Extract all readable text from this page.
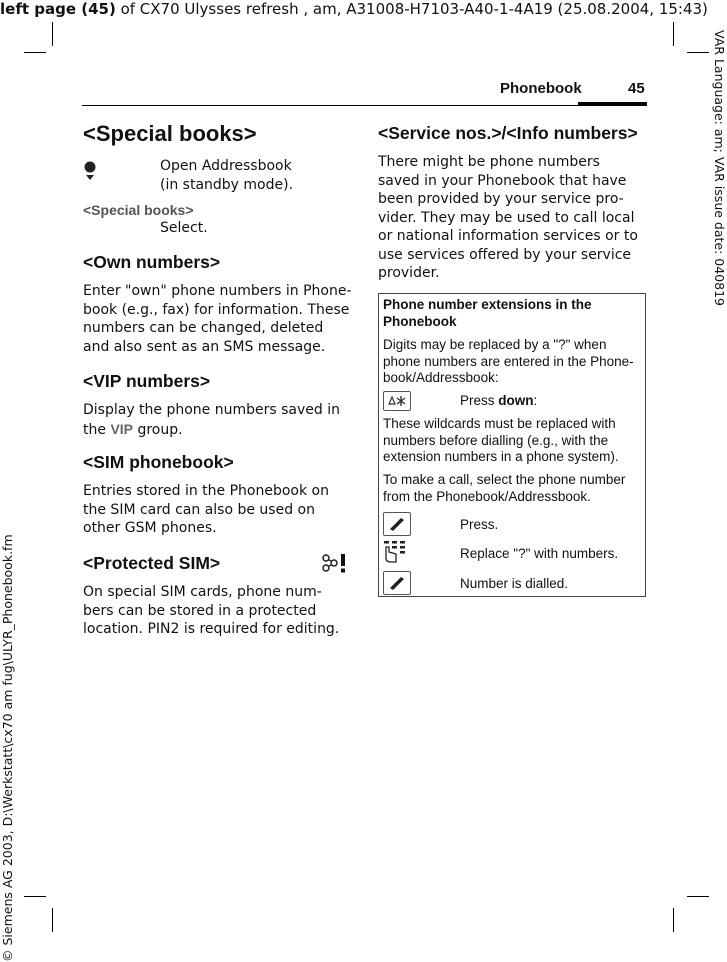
left page (45) of CX70 Ulysses refresh , am, A31008-H7103-A40-1-4A19 (25.08.2004, 15:43)
VAR Language: am; VAR issue date: 040819
© Siemens AG 2003, D:\Werkstatt\cx70 am fug\ULYR_Phonebook.fm
Phonebook	45
<Special books>
Open Addressbook
(in standby mode).
<Special books>
Select.
<Own numbers>
Enter "own" phone numbers in Phone-
book (e.g., fax) for information. These
numbers can be changed, deleted
and also sent as an SMS message.
<VIP numbers>
Display the phone numbers saved in
the VIP group.
<SIM phonebook>
Entries stored in the Phonebook on
the SIM card can also be used on
other GSM phones.
<Protected SIM>
On special SIM cards, phone num-
bers can be stored in a protected
location. PIN2 is required for editing.
<Service nos.>/<Info numbers>
There might be phone numbers
saved in your Phonebook that have
been provided by your service pro-
vider. They may be used to call local
or national information services or to
use services offered by your service
provider.
Phone number extensions in the
Phonebook
Digits may be replaced by a "?" when
phone numbers are entered in the Phone-
book/Addressbook:
Press down:
These wildcards must be replaced with
numbers before dialling (e.g., with the
extension numbers in a phone system).
To make a call, select the phone number
from the Phonebook/Addressbook.
Press.
Replace "?" with numbers.
Number is dialled.
